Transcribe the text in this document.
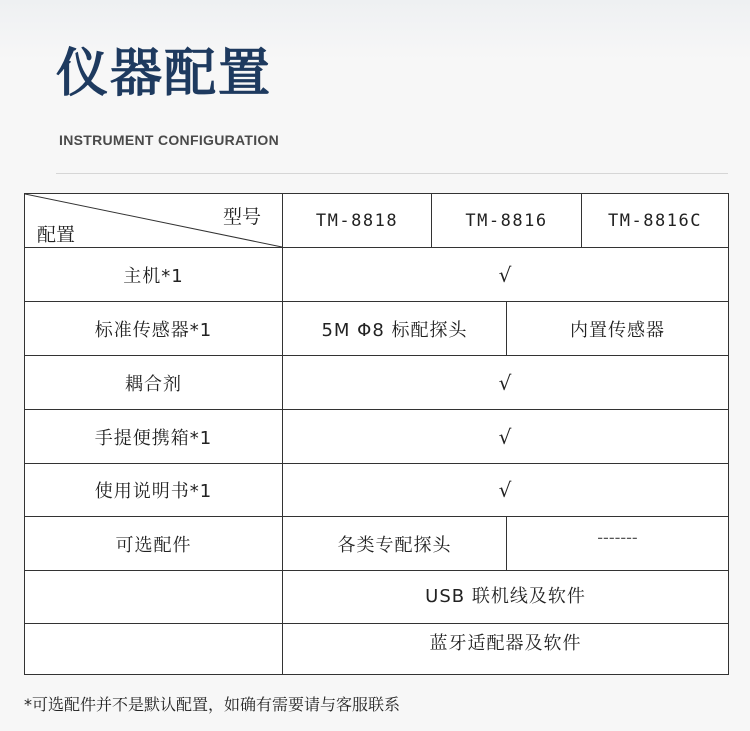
仪器配置
INSTRUMENT CONFIGURATION
型号
配置
TM-8818	TM-8816	TM-8816C
主机*1	√
标准传感器*1	5M Φ8 标配探头	内置传感器
耦合剂	√
手提便携箱*1	√
使用说明书*1	√
可选配件	各类专配探头	-------
USB 联机线及软件
蓝牙适配器及软件
*可选配件并不是默认配置，如确有需要请与客服联系
